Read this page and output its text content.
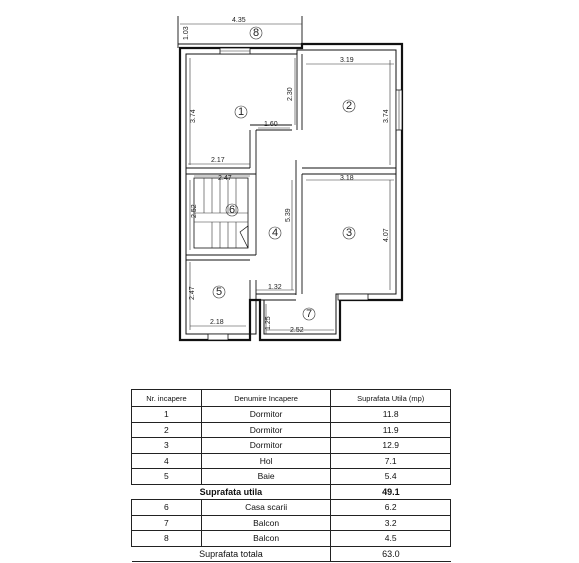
4.35
1.03
3.19
3.74
2.30
3.74
1.60
2.17
2.47	3.18
2.52	5.39
4.07
2.47	1.32
1.25
2.18
2.52
8
1	2
6
4	3
5
7
Nr. incapere	Denumire Incapere	Suprafata Utila (mp)
1	Dormitor	11.8
2	Dormitor	11.9
3	Dormitor	12.9
4	Hol	7.1
5	Baie	5.4
Suprafata utila		49.1
6	Casa scarii	6.2
7	Balcon	3.2
8	Balcon	4.5
Suprafata totala		63.0
